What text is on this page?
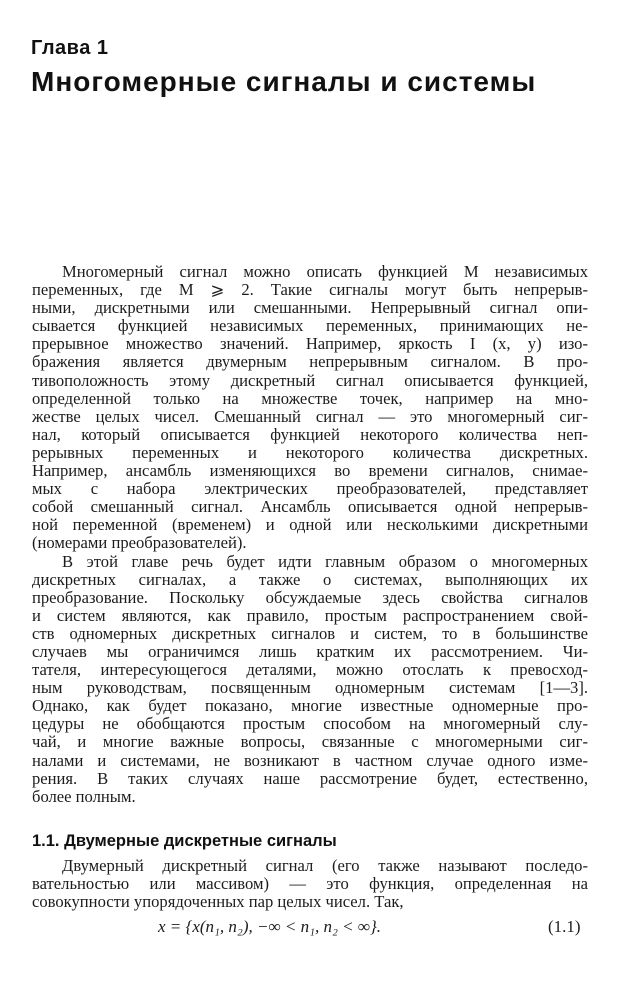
Глава 1
Многомерные сигналы и системы

Многомерный сигнал можно описать функцией M независимых
переменных, где M ⩾ 2. Такие сигналы могут быть непрерыв-
ными, дискретными или смешанными. Непрерывный сигнал опи-
сывается функцией независимых переменных, принимающих не-
прерывное множество значений. Например, яркость I (x, y) изо-
бражения является двумерным непрерывным сигналом. В про-
тивоположность этому дискретный сигнал описывается функцией,
определенной только на множестве точек, например на мно-
жестве целых чисел. Смешанный сигнал — это многомерный сиг-
нал, который описывается функцией некоторого количества неп-
рерывных переменных и некоторого количества дискретных.
Например, ансамбль изменяющихся во времени сигналов, снимае-
мых с набора электрических преобразователей, представляет
собой смешанный сигнал. Ансамбль описывается одной непрерыв-
ной переменной (временем) и одной или несколькими дискретными
(номерами преобразователей).

В этой главе речь будет идти главным образом о многомерных
дискретных сигналах, а также о системах, выполняющих их
преобразование. Поскольку обсуждаемые здесь свойства сигналов
и систем являются, как правило, простым распространением свой-
ств одномерных дискретных сигналов и систем, то в большинстве
случаев мы ограничимся лишь кратким их рассмотрением. Чи-
тателя, интересующегося деталями, можно отослать к превосход-
ным руководствам, посвященным одномерным системам [1—3].
Однако, как будет показано, многие известные одномерные про-
цедуры не обобщаются простым способом на многомерный слу-
чай, и многие важные вопросы, связанные с многомерными сиг-
налами и системами, не возникают в частном случае одного изме-
рения. В таких случаях наше рассмотрение будет, естественно,
более полным.

1.1. Двумерные дискретные сигналы

Двумерный дискретный сигнал (его также называют последо-
вательностью или массивом) — это функция, определенная на
совокупности упорядоченных пар целых чисел. Так,

x = {x(n₁, n₂), −∞ < n₁, n₂ < ∞}.	(1.1)
